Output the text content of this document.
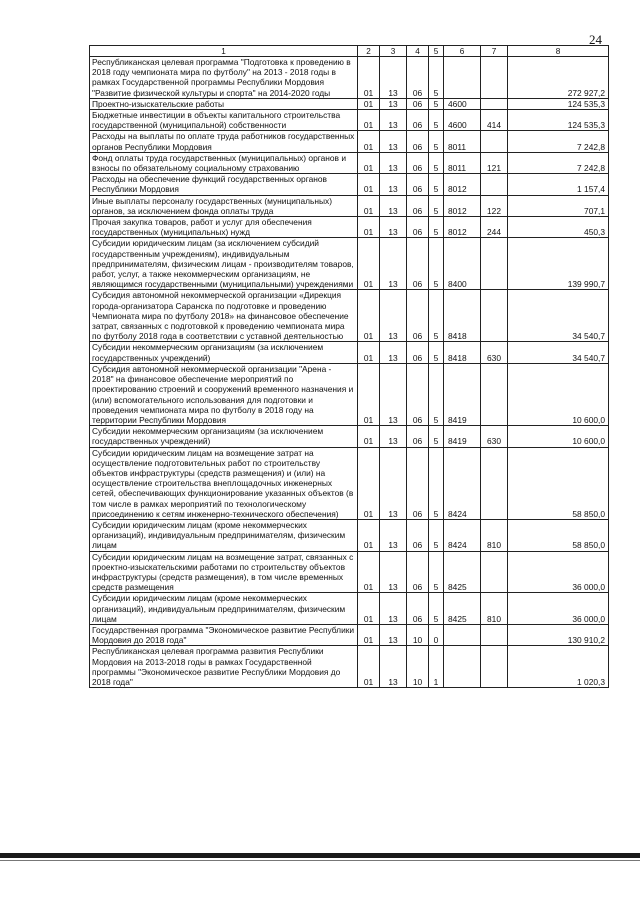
24
1	2	3	4	5	6	7	8
Республиканская целевая программа "Подготовка к проведению в 2018 году чемпионата мира по футболу" на 2013 - 2018 годы в рамках Государственной программы Республики Мордовия "Развитие физической культуры и спорта" на 2014-2020 годы	01	13	06	5			272 927,2
Проектно-изыскательские работы	01	13	06	5	4600		124 535,3
Бюджетные инвестиции в объекты капитального строительства государственной (муниципальной) собственности	01	13	06	5	4600	414	124 535,3
Расходы на выплаты по оплате труда работников государственных органов Республики Мордовия	01	13	06	5	8011		7 242,8
Фонд оплаты труда государственных (муниципальных) органов и взносы по обязательному социальному страхованию	01	13	06	5	8011	121	7 242,8
Расходы на обеспечение функций государственных органов Республики Мордовия	01	13	06	5	8012		1 157,4
Иные выплаты персоналу государственных (муниципальных) органов, за исключением фонда оплаты труда	01	13	06	5	8012	122	707,1
Прочая закупка товаров, работ и услуг для обеспечения государственных (муниципальных) нужд	01	13	06	5	8012	244	450,3
Субсидии юридическим лицам (за исключением субсидий государственным учреждениям), индивидуальным предпринимателям, физическим лицам - производителям товаров, работ, услуг, а также некоммерческим организациям, не являющимся государственными (муниципальными) учреждениями	01	13	06	5	8400		139 990,7
Субсидия автономной некоммерческой организации «Дирекция города-организатора Саранска по подготовке и проведению Чемпионата мира по футболу 2018» на финансовое обеспечение затрат, связанных с подготовкой к проведению чемпионата мира по футболу 2018 года в соответствии с уставной деятельностью	01	13	06	5	8418		34 540,7
Субсидии некоммерческим организациям (за исключением государственных учреждений)	01	13	06	5	8418	630	34 540,7
Субсидия автономной некоммерческой организации "Арена - 2018" на финансовое обеспечение мероприятий по проектированию строений и сооружений временного назначения и (или) вспомогательного использования для подготовки и проведения чемпионата мира по футболу в 2018 году на территории Республики Мордовия	01	13	06	5	8419		10 600,0
Субсидии некоммерческим организациям (за исключением государственных учреждений)	01	13	06	5	8419	630	10 600,0
Субсидии юридическим лицам на возмещение затрат на осуществление подготовительных работ по строительству объектов инфраструктуры (средств размещения) и (или) на осуществление строительства внеплощадочных инженерных сетей, обеспечивающих функционирование указанных объектов (в том числе в рамках мероприятий по технологическому присоединению к сетям инженерно-технического обеспечения)	01	13	06	5	8424		58 850,0
Субсидии юридическим лицам (кроме некоммерческих организаций), индивидуальным предпринимателям, физическим лицам	01	13	06	5	8424	810	58 850,0
Субсидии юридическим лицам на возмещение затрат, связанных с проектно-изыскательскими работами по строительству объектов инфраструктуры (средств размещения), в том числе временных средств размещения	01	13	06	5	8425		36 000,0
Субсидии юридическим лицам (кроме некоммерческих организаций), индивидуальным предпринимателям, физическим лицам	01	13	06	5	8425	810	36 000,0
Государственная программа "Экономическое развитие Республики Мордовия до 2018 года"	01	13	10	0			130 910,2
Республиканская целевая программа развития Республики Мордовия на 2013-2018 годы в рамках Государственной программы "Экономическое развитие Республики Мордовия до 2018 года"	01	13	10	1			1 020,3
